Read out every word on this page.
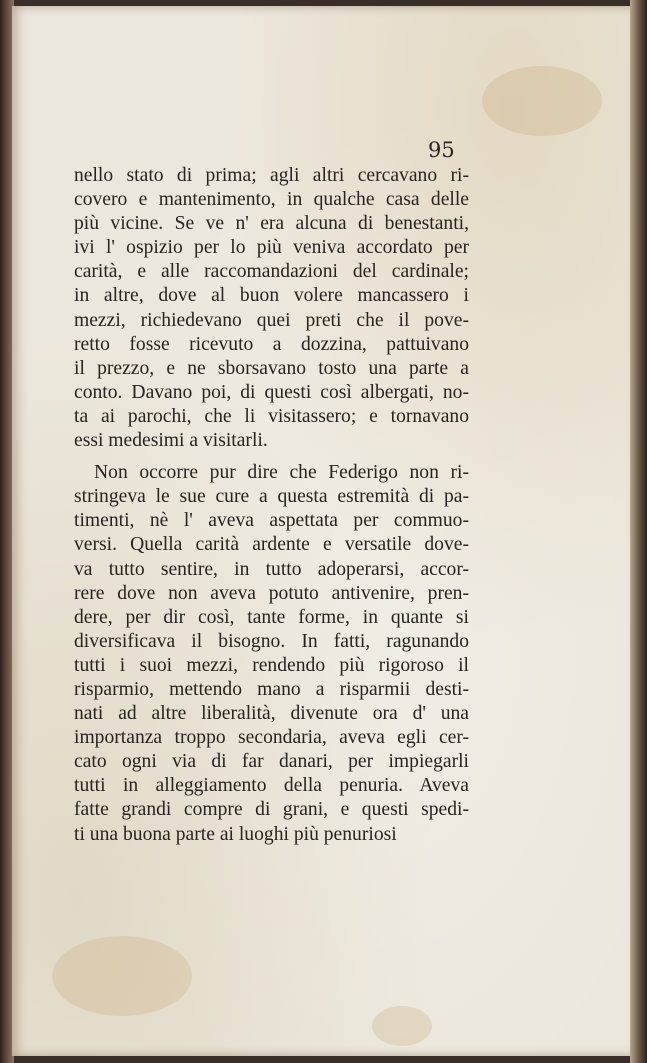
95
nello stato di prima; agli altri cercavano ri-
covero e mantenimento, in qualche casa delle
più vicine. Se ve n' era alcuna di benestanti,
ivi l' ospizio per lo più veniva accordato per
carità, e alle raccomandazioni del cardinale;
in altre, dove al buon volere mancassero i
mezzi, richiedevano quei preti che il pove-
retto fosse ricevuto a dozzina, pattuivano
il prezzo, e ne sborsavano tosto una parte a
conto. Davano poi, di questi così albergati, no-
ta ai parochi, che li visitassero; e tornavano
essi medesimi a visitarli.
Non occorre pur dire che Federigo non ri-
stringeva le sue cure a questa estremità di pa-
timenti, nè l' aveva aspettata per commuo-
versi. Quella carità ardente e versatile dove-
va tutto sentire, in tutto adoperarsi, accor-
rere dove non aveva potuto antivenire, pren-
dere, per dir così, tante forme, in quante si
diversificava il bisogno. In fatti, ragunando
tutti i suoi mezzi, rendendo più rigoroso il
risparmio, mettendo mano a risparmii desti-
nati ad altre liberalità, divenute ora d' una
importanza troppo secondaria, aveva egli cer-
cato ogni via di far danari, per impiegarli
tutti in alleggiamento della penuria. Aveva
fatte grandi compre di grani, e questi spedi-
ti una buona parte ai luoghi più penuriosi
